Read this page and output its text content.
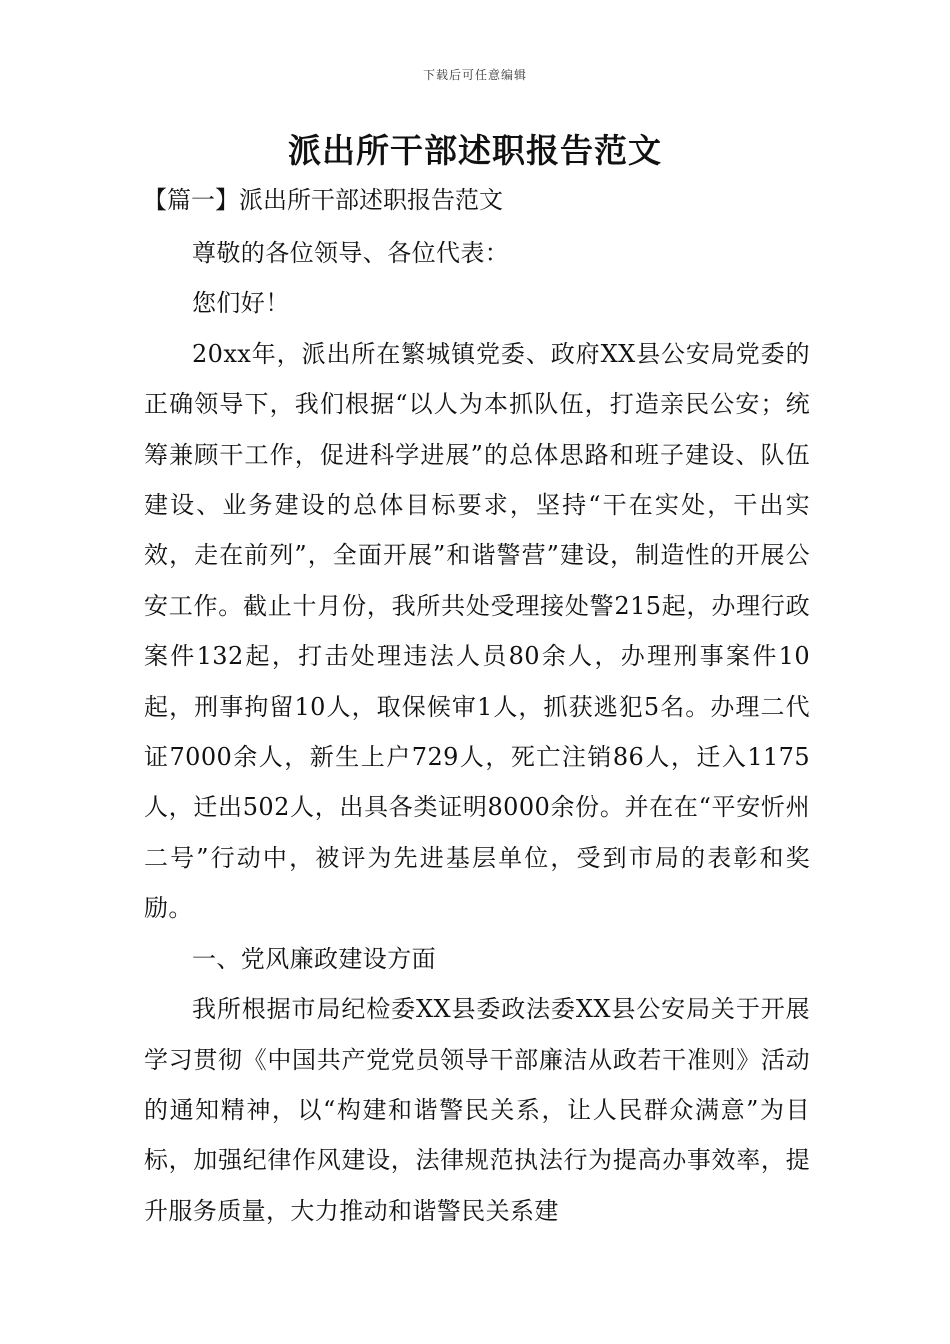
下载后可任意编辑
派出所干部述职报告范文

【篇一】派出所干部述职报告范文

尊敬的各位领导、各位代表：

您们好！

20xx年，派出所在繁城镇党委、政府XX县公安局党委的正确领导下，我们根据“以人为本抓队伍，打造亲民公安；统筹兼顾干工作，促进科学进展”的总体思路和班子建设、队伍建设、业务建设的总体目标要求，坚持“干在实处，干出实效，走在前列”，全面开展”和谐警营”建设，制造性的开展公安工作。截止十月份，我所共处受理接处警215起，办理行政案件132起，打击处理违法人员80余人，办理刑事案件10起，刑事拘留10人，取保候审1人，抓获逃犯5名。办理二代证7000余人，新生上户729人，死亡注销86人，迁入1175人，迁出502人，出具各类证明8000余份。并在在“平安忻州二号”行动中，被评为先进基层单位，受到市局的表彰和奖励。

一、党风廉政建设方面

我所根据市局纪检委XX县委政法委XX县公安局关于开展学习贯彻《中国共产党党员领导干部廉洁从政若干准则》活动的通知精神，以“构建和谐警民关系，让人民群众满意”为目标，加强纪律作风建设，法律规范执法行为提高办事效率，提升服务质量，大力推动和谐警民关系建
